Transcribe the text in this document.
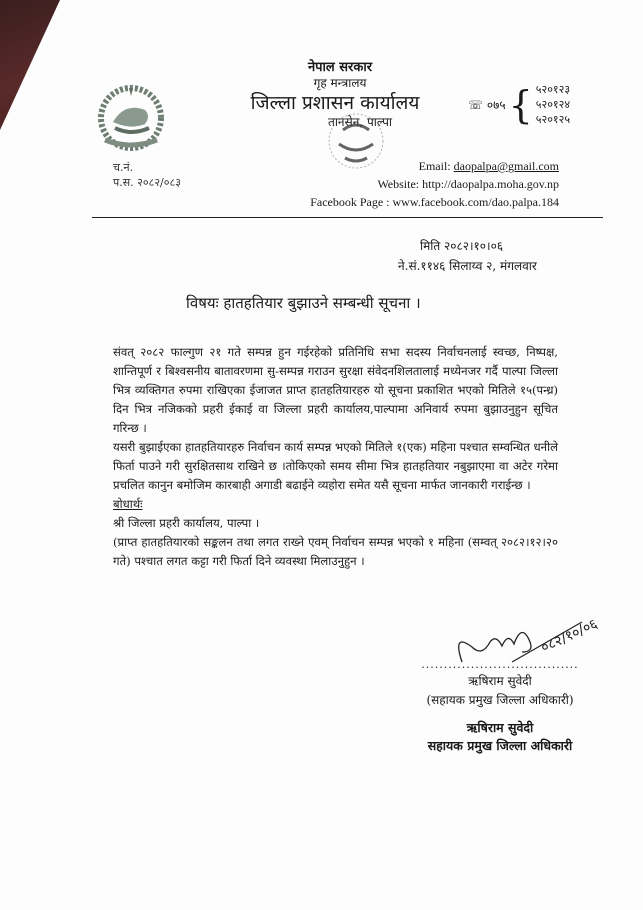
च.नं.
प.स. २०८२/०८३
नेपाल सरकार
गृह मन्त्रालय
जिल्ला प्रशासन कार्यालय
तानसेन, पाल्पा
☏
०७५ { ५२०१२३
५२०१२४
५२०१२५
Email: daopalpa@gmail.com
Website: http://daopalpa.moha.gov.np
Facebook Page : www.facebook.com/dao.palpa.184
मिति २०८२।१०।०६
ने.सं.११४६ सिलाय्व २, मंगलवार
विषयः हातहतियार बुझाउने सम्बन्धी सूचना ।

संवत् २०८२ फाल्गुण २१ गते सम्पन्न हुन गईरहेको प्रतिनिधि सभा सदस्य निर्वाचनलाई स्वच्छ, निष्पक्ष, शान्तिपूर्ण र बिश्वसनीय बातावरणमा सु-सम्पन्न गराउन सुरक्षा संवेदनशिलतालाई मध्येनजर गर्दै पाल्पा जिल्ला भित्र व्यक्तिगत रुपमा राखिएका ईजाजत प्राप्त हातहतियारहरु यो सूचना प्रकाशित भएको मितिले १५(पन्ध्र) दिन भित्र नजिकको प्रहरी ईकाई वा जिल्ला प्रहरी कार्यालय,पाल्पामा अनिवार्य रुपमा बुझाउनुहुन सूचित गरिन्छ ।

यसरी बुझाईएका हातहतियारहरु निर्वाचन कार्य सम्पन्न भएको मितिले १(एक) महिना पश्चात सम्वन्धित धनीले फिर्ता पाउने गरी सुरक्षितसाथ राखिने छ ।तोकिएको समय सीमा भित्र हातहतियार नबुझाएमा वा अटेर गरेमा प्रचलित कानुन बमोजिम कारबाही अगाडी बढाईने व्यहोरा समेत यसै सूचना मार्फत जानकारी गराईन्छ ।

बोधार्थः

श्री जिल्ला प्रहरी कार्यालय, पाल्पा ।

(प्राप्त हातहतियारको सङ्कलन तथा लगत राख्ने एवम् निर्वाचन सम्पन्न भएको १ महिना (सम्वत् २०८२।१२।२० गते) पश्चात लगत कट्टा गरी फिर्ता दिने व्यवस्था मिलाउनुहुन ।

०८२/१०/०६
...................................
ऋषिराम सुवेदी
(सहायक प्रमुख जिल्ला अधिकारी)
ऋषिराम सुवेदी
सहायक प्रमुख जिल्ला अधिकारी
